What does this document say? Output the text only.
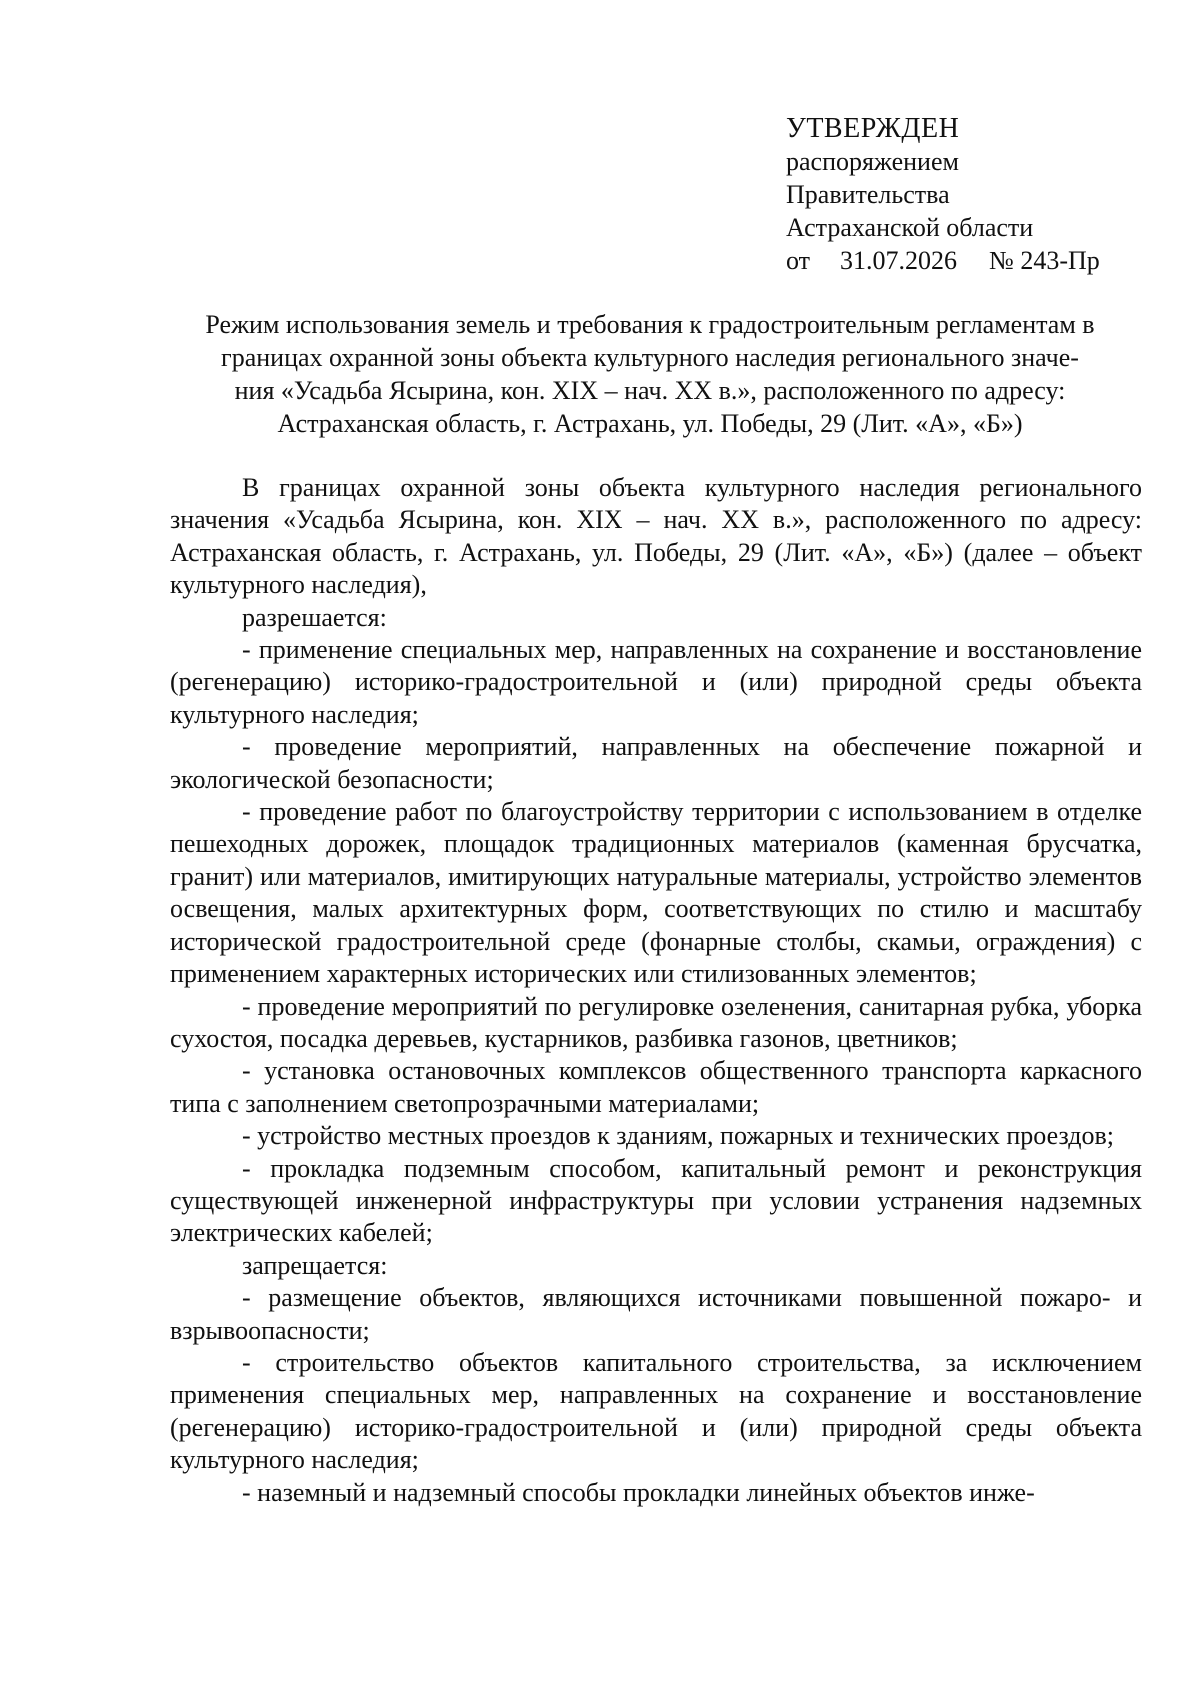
УТВЕРЖДЕН
распоряжением
Правительства
Астраханской области
от 31.07.2026 № 243-Пр
Режим использования земель и требования к градостроительным регламентам в
границах охранной зоны объекта культурного наследия регионального значе-
ния «Усадьба Ясырина, кон. XIX – нач. XX в.», расположенного по адресу:
Астраханская область, г. Астрахань, ул. Победы, 29 (Лит. «А», «Б»)

В границах охранной зоны объекта культурного наследия регионального значения «Усадьба Ясырина, кон. XIX – нач. XX в.», расположенного по адресу: Астраханская область, г. Астрахань, ул. Победы, 29 (Лит. «А», «Б») (далее – объект культурного наследия),

разрешается:

- применение специальных мер, направленных на сохранение и восстановление (регенерацию) историко-градостроительной и (или) природной среды объекта культурного наследия;

- проведение мероприятий, направленных на обеспечение пожарной и экологической безопасности;

- проведение работ по благоустройству территории с использованием в отделке пешеходных дорожек, площадок традиционных материалов (каменная брусчатка, гранит) или материалов, имитирующих натуральные материалы, устройство элементов освещения, малых архитектурных форм, соответствующих по стилю и масштабу исторической градостроительной среде (фонарные столбы, скамьи, ограждения) с применением характерных исторических или стилизованных элементов;

- проведение мероприятий по регулировке озеленения, санитарная рубка, уборка сухостоя, посадка деревьев, кустарников, разбивка газонов, цветников;

- установка остановочных комплексов общественного транспорта каркасного типа с заполнением светопрозрачными материалами;

- устройство местных проездов к зданиям, пожарных и технических проездов;

- прокладка подземным способом, капитальный ремонт и реконструкция существующей инженерной инфраструктуры при условии устранения надземных электрических кабелей;

запрещается:

- размещение объектов, являющихся источниками повышенной пожаро- и взрывоопасности;

- строительство объектов капитального строительства, за исключением применения специальных мер, направленных на сохранение и восстановление (регенерацию) историко-градостроительной и (или) природной среды объекта культурного наследия;

- наземный и надземный способы прокладки линейных объектов инже-
